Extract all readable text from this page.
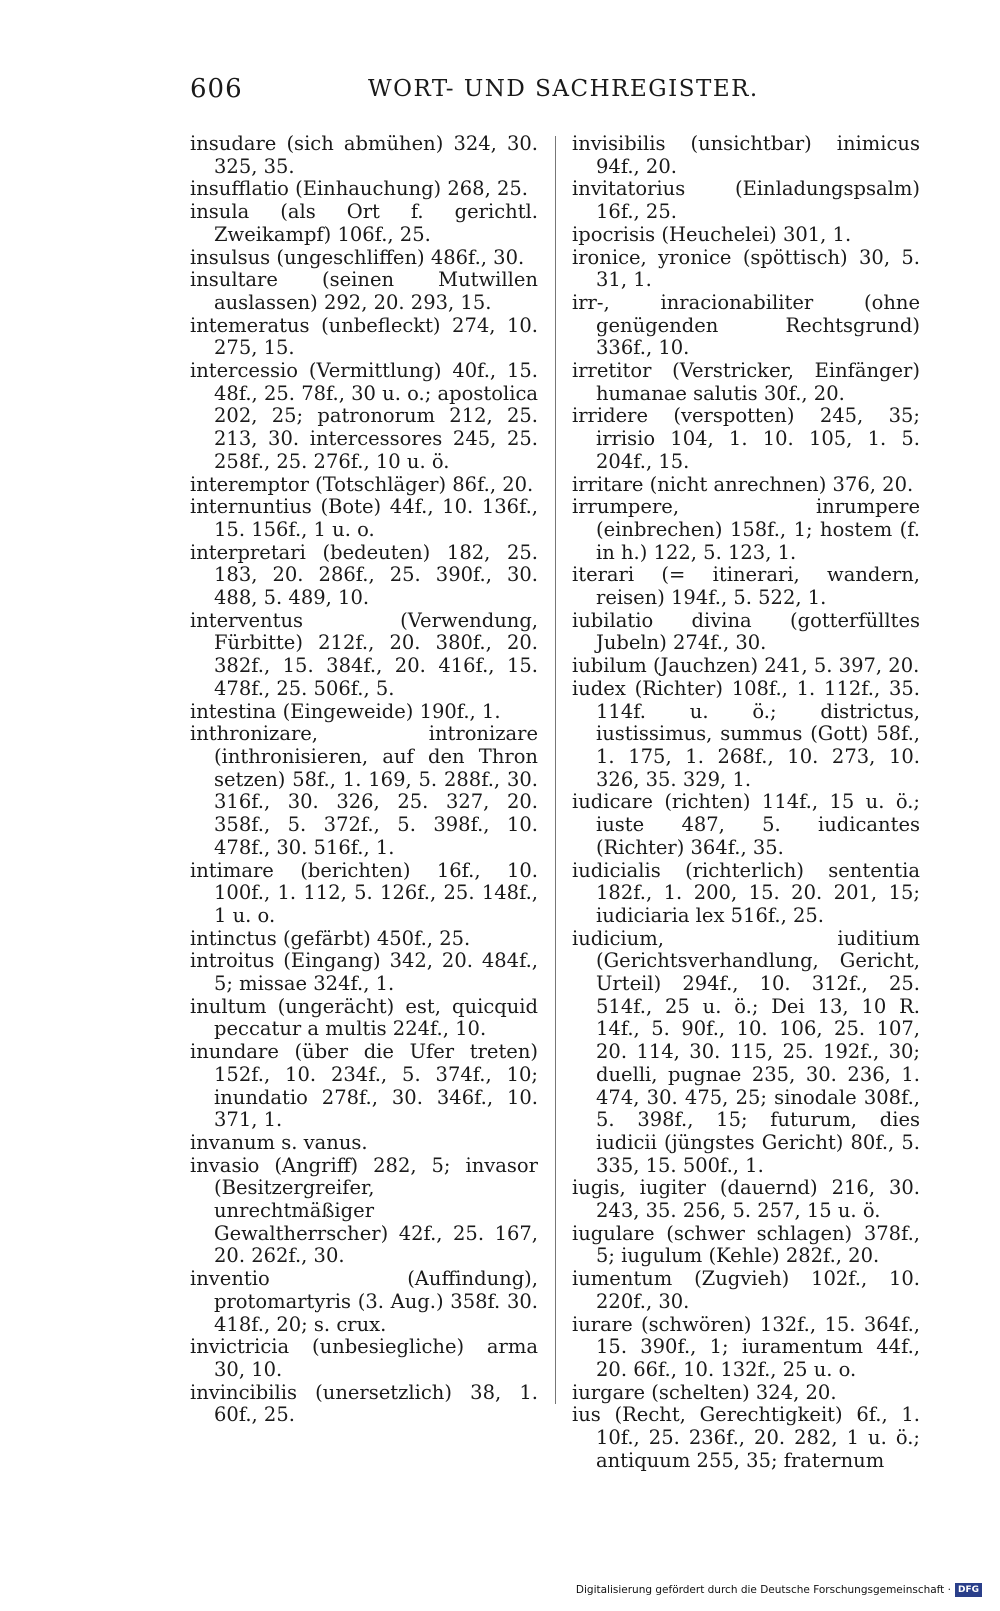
606	WORT- UND SACHREGISTER.

insudare (sich abmühen) 324, 30. 325, 35.

insufflatio (Einhauchung) 268, 25.

insula (als Ort f. gerichtl. Zweikampf) 106f., 25.

insulsus (ungeschliffen) 486f., 30.

insultare (seinen Mutwillen auslassen) 292, 20. 293, 15.

intemeratus (unbefleckt) 274, 10. 275, 15.

intercessio (Vermittlung) 40f., 15. 48f., 25. 78f., 30 u. o.; apostolica 202, 25; patronorum 212, 25. 213, 30. intercessores 245, 25. 258f., 25. 276f., 10 u. ö.

interemptor (Totschläger) 86f., 20.

internuntius (Bote) 44f., 10. 136f., 15. 156f., 1 u. o.

interpretari (bedeuten) 182, 25. 183, 20. 286f., 25. 390f., 30. 488, 5. 489, 10.

interventus (Verwendung, Fürbitte) 212f., 20. 380f., 20. 382f., 15. 384f., 20. 416f., 15. 478f., 25. 506f., 5.

intestina (Eingeweide) 190f., 1.

inthronizare, intronizare (inthronisieren, auf den Thron setzen) 58f., 1. 169, 5. 288f., 30. 316f., 30. 326, 25. 327, 20. 358f., 5. 372f., 5. 398f., 10. 478f., 30. 516f., 1.

intimare (berichten) 16f., 10. 100f., 1. 112, 5. 126f., 25. 148f., 1 u. o.

intinctus (gefärbt) 450f., 25.

introitus (Eingang) 342, 20. 484f., 5; missae 324f., 1.

inultum (ungerächt) est, quicquid peccatur a multis 224f., 10.

inundare (über die Ufer treten) 152f., 10. 234f., 5. 374f., 10; inundatio 278f., 30. 346f., 10. 371, 1.

invanum s. vanus.

invasio (Angriff) 282, 5; invasor (Besitzergreifer, unrechtmäßiger Gewaltherrscher) 42f., 25. 167, 20. 262f., 30.

inventio (Auffindung), protomartyris (3. Aug.) 358f. 30. 418f., 20; s. crux.

invictricia (unbesiegliche) arma 30, 10.

invincibilis (unersetzlich) 38, 1. 60f., 25.

invisibilis (unsichtbar) inimicus 94f., 20.

invitatorius (Einladungspsalm) 16f., 25.

ipocrisis (Heuchelei) 301, 1.

ironice, yronice (spöttisch) 30, 5. 31, 1.

irr-, inracionabiliter (ohne genügenden Rechtsgrund) 336f., 10.

irretitor (Verstricker, Einfänger) humanae salutis 30f., 20.

irridere (verspotten) 245, 35; irrisio 104, 1. 10. 105, 1. 5. 204f., 15.

irritare (nicht anrechnen) 376, 20.

irrumpere, inrumpere (einbrechen) 158f., 1; hostem (f. in h.) 122, 5. 123, 1.

iterari (= itinerari, wandern, reisen) 194f., 5. 522, 1.

iubilatio divina (gotterfülltes Jubeln) 274f., 30.

iubilum (Jauchzen) 241, 5. 397, 20.

iudex (Richter) 108f., 1. 112f., 35. 114f. u. ö.; districtus, iustissimus, summus (Gott) 58f., 1. 175, 1. 268f., 10. 273, 10. 326, 35. 329, 1.

iudicare (richten) 114f., 15 u. ö.; iuste 487, 5. iudicantes (Richter) 364f., 35.

iudicialis (richterlich) sententia 182f., 1. 200, 15. 20. 201, 15; iudiciaria lex 516f., 25.

iudicium, iuditium (Gerichtsverhandlung, Gericht, Urteil) 294f., 10. 312f., 25. 514f., 25 u. ö.; Dei 13, 10 R. 14f., 5. 90f., 10. 106, 25. 107, 20. 114, 30. 115, 25. 192f., 30; duelli, pugnae 235, 30. 236, 1. 474, 30. 475, 25; sinodale 308f., 5. 398f., 15; futurum, dies iudicii (jüngstes Gericht) 80f., 5. 335, 15. 500f., 1.

iugis, iugiter (dauernd) 216, 30. 243, 35. 256, 5. 257, 15 u. ö.

iugulare (schwer schlagen) 378f., 5; iugulum (Kehle) 282f., 20.

iumentum (Zugvieh) 102f., 10. 220f., 30.

iurare (schwören) 132f., 15. 364f., 15. 390f., 1; iuramentum 44f., 20. 66f., 10. 132f., 25 u. o.

iurgare (schelten) 324, 20.

ius (Recht, Gerechtigkeit) 6f., 1. 10f., 25. 236f., 20. 282, 1 u. ö.; antiquum 255, 35; fraternum

Digitalisierung gefördert durch die Deutsche Forschungsgemeinschaft · DFG
